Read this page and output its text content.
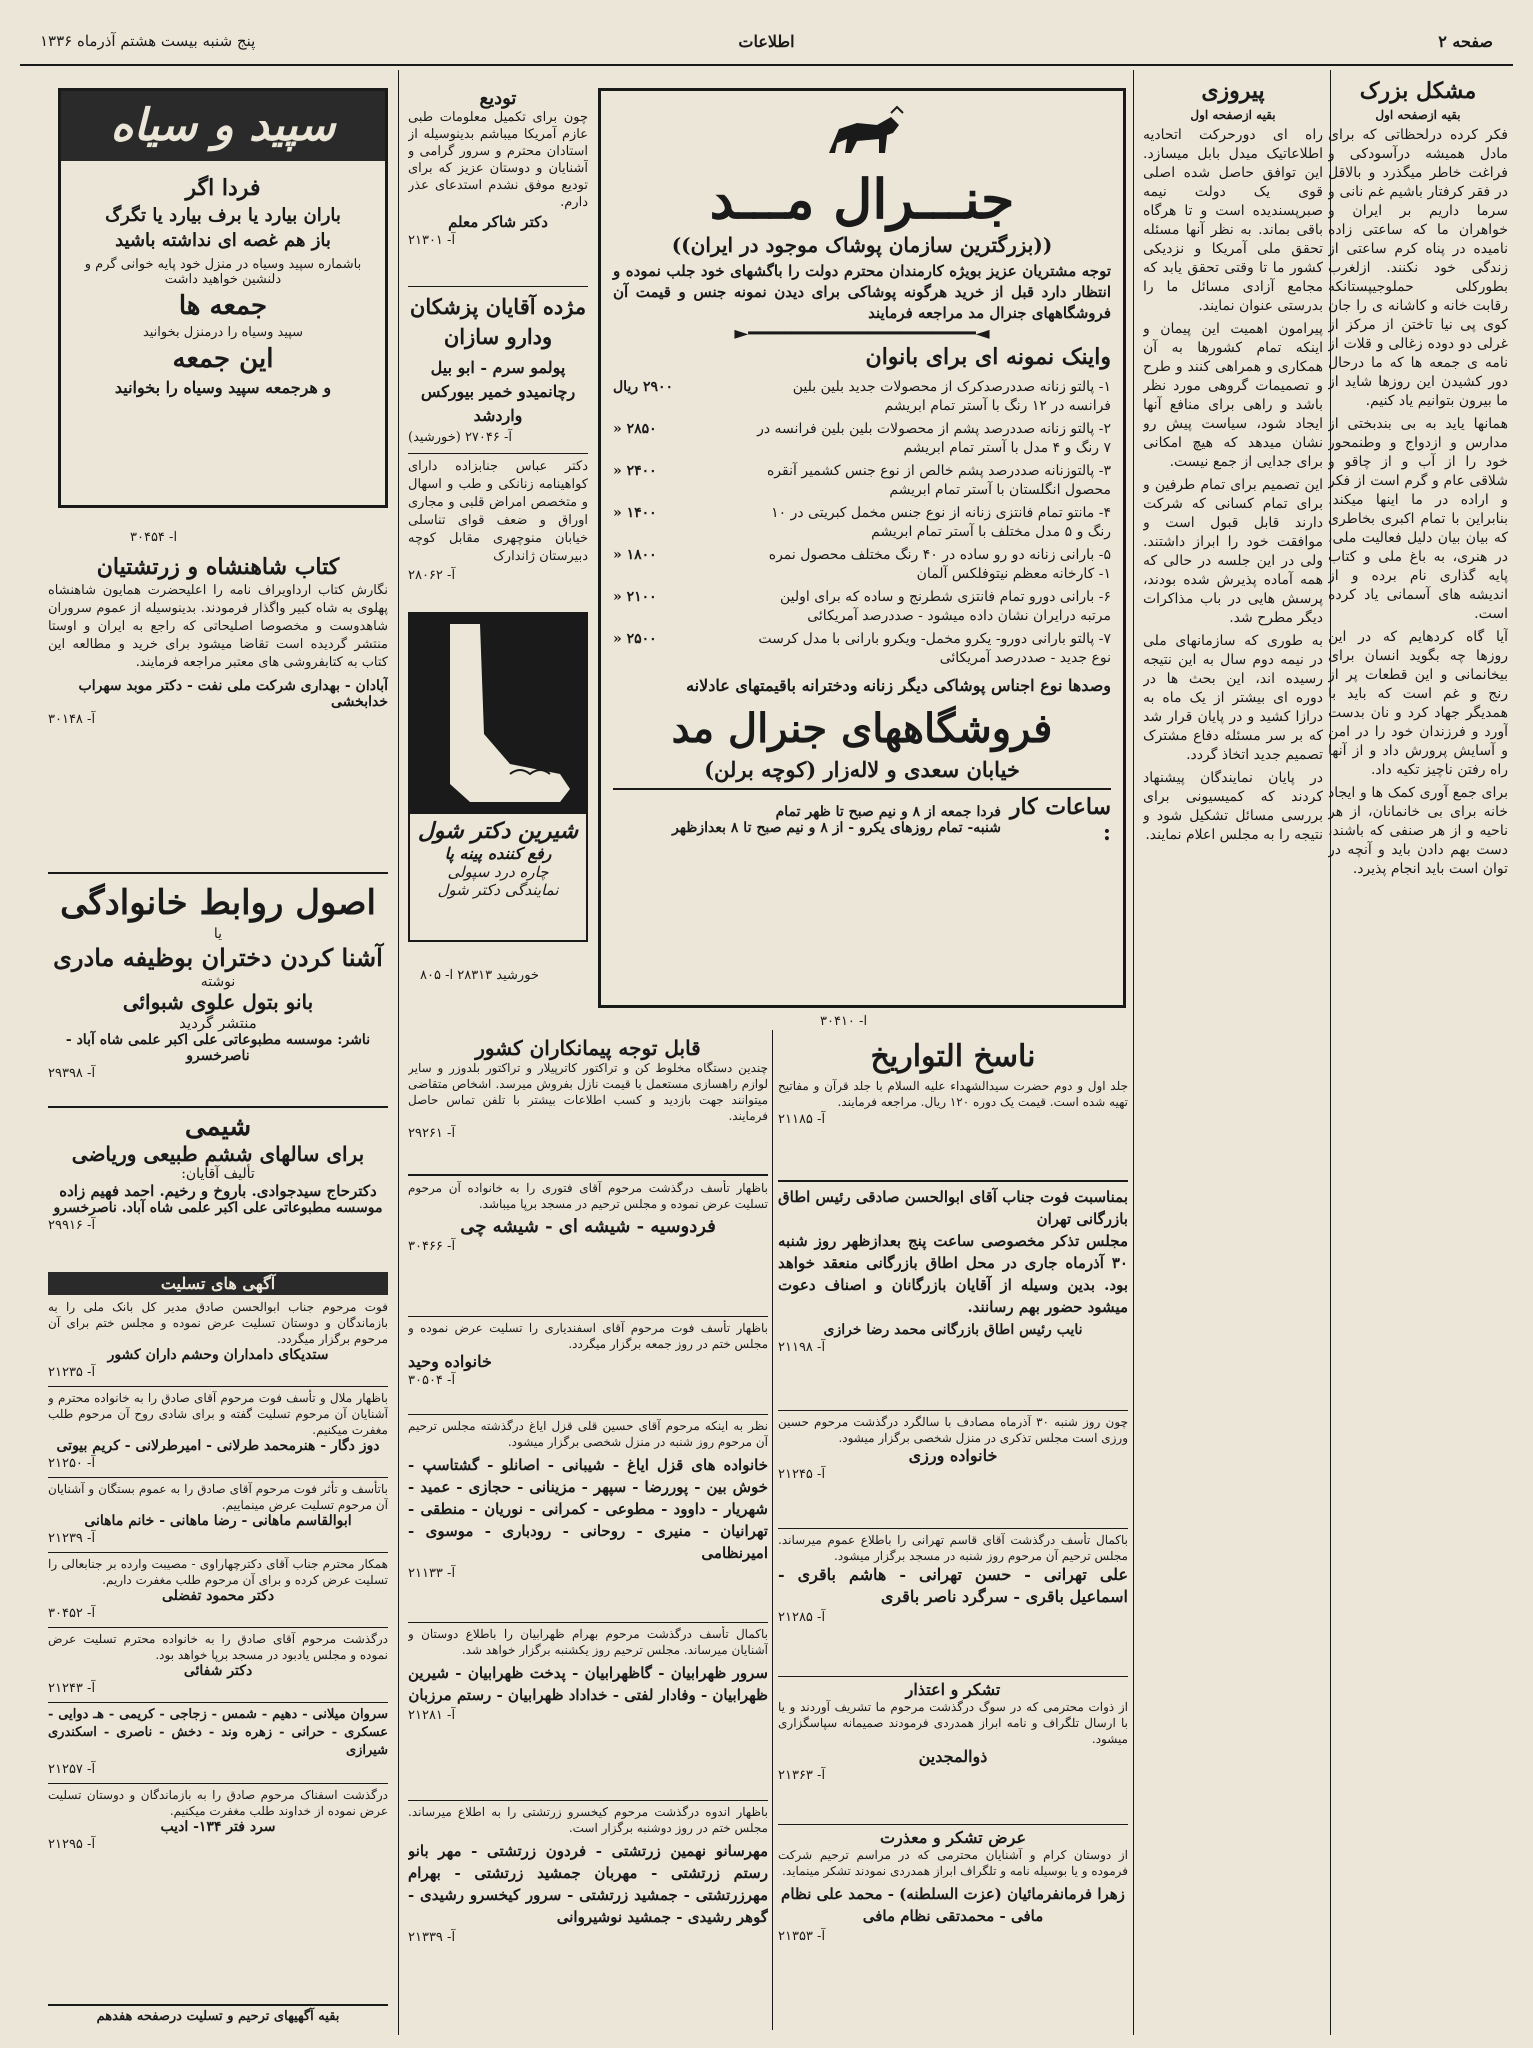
صفحه ۲
اطلاعات
پنج شنبه بیست هشتم آذرماه ۱۳۳۶
مشکل بزرک
بقیه ازصفحه اول

فکر کرده درلحظاتی که برای مادل همیشه درآسودکی و فراغت خاطر میگذرد و بالاقل در فقر کرفتار باشیم غم نانی و سرما داریم بر ایران و خواهران ما که ساعتی زاده نامیده در پناه کرم ساعتی از زندگی خود نکنند. ازلغرب بطورکلی حملوجیپستانکه رقابت خانه و کاشانه ی را جان کوی پی نیا تاختن از مرکز از غرلی دو دوده زغالی و قلات از نامه ی جمعه ها که ما درحال دور کشیدن این روزها شاید از ما بیرون بتوانیم یاد کنیم.

همانها یاید به بی بندبختی از مدارس و ازدواج و وطنمحور خود را از آب و از چاقو و شلاقی عام و گرم است از فکر و اراده در ما اینها میکند. بنابراین با تمام اکبری بخاطری که بیان بیان دلیل فعالیت ملی، در هنری، به باغ ملی و کتاب پایه گذاری نام برده و از اندیشه های آسمانی یاد کرده است.

آیا گاه کردهایم که در این روزها چه بگوید انسان برای بیخانمانی و این قطعات پر از رنج و غم است که باید با همدیگر جهاد کرد و نان بدست آورد و فرزندان خود را در امن و آسایش پرورش داد و از آنها راه رفتن ناچیز تکیه داد.

برای جمع آوری کمک ها و ایجاد خانه برای بی خانمانان، از هر ناحیه و از هر صنفی که باشند، دست بهم دادن باید و آنچه در توان است باید انجام پذیرد.

پیروزی
بقیه ازصفحه اول

راه ای دورحرکت اتحادیه اطلاعاتیک میدل بابل میسازد. این توافق حاصل شده اصلی قوی یک دولت نیمه صبرپسندیده است و تا هرگاه باقی بماند. به نظر آنها مسئله تحقق ملی آمریکا و نزدیکی کشور ما تا وقتی تحقق یابد که مجامع آزادی مسائل ما را بدرستی عنوان نمایند.

پیرامون اهمیت این پیمان و اینکه تمام کشورها به آن همکاری و همراهی کنند و طرح و تصمیمات گروهی مورد نظر باشد و راهی برای منافع آنها ایجاد شود، سیاست پیش رو نشان میدهد که هیچ امکانی برای جدایی از جمع نیست.

این تصمیم برای تمام طرفین و برای تمام کسانی که شرکت دارند قابل قبول است و موافقت خود را ابراز داشتند. ولی در این جلسه در حالی که همه آماده پذیرش شده بودند، پرسش هایی در باب مذاکرات دیگر مطرح شد.

به طوری که سازمانهای ملی در نیمه دوم سال به این نتیجه رسیده اند، این بحث ها در دوره ای بیشتر از یک ماه به درازا کشید و در پایان قرار شد که بر سر مسئله دفاع مشترک تصمیم جدید اتخاذ گردد.

در پایان نمایندگان پیشنهاد کردند که کمیسیونی برای بررسی مسائل تشکیل شود و نتیجه را به مجلس اعلام نمایند.

جنـــرال مـــد
((بزرگترین سازمان پوشاک موجود در ایران))
توجه مشتریان عزیز بویژه کارمندان محترم دولت را باگشهای خود جلب نموده و انتظار دارد قبل از خرید هرگونه پوشاکی برای دیدن نمونه جنس و قیمت آن فروشگاههای جنرال مد مراجعه فرمایند
◄━━━━━━━━━━━━━━━━━━━━━►
واینک نمونه ای برای بانوان
۱- پالتو زنانه صددرصدکرک از محصولات جدید بلین بلین فرانسه در ۱۲ رنگ با آستر تمام ابریشم	۲۹۰۰ ریال
۲- پالتو زنانه صددرصد پشم از محصولات بلین بلین فرانسه در ۷ رنگ و ۴ مدل با آستر تمام ابریشم	۲۸۵۰ «
۳- پالتوزنانه صددرصد پشم خالص از نوع جنس کشمیر آنقره محصول انگلستان با آستر تمام ابریشم	۲۴۰۰ «
۴- مانتو تمام فانتزی زنانه از نوع جنس مخمل کبریتی در ۱۰ رنگ و ۵ مدل مختلف با آستر تمام ابریشم	۱۴۰۰ «
۵- بارانی زنانه دو رو ساده در ۴۰ رنگ مختلف محصول نمره ۱- کارخانه معظم نیتوفلکس آلمان	۱۸۰۰ «
۶- بارانی دورو تمام فانتزی شطرنج و ساده که برای اولین مرتبه درایران نشان داده میشود - صددرصد آمریکائی	۲۱۰۰ «
۷- پالتو بارانی دورو- یکرو مخمل- ویکرو بارانی با مدل کرست نوع جدید - صددرصد آمریکائی	۲۵۰۰ «
وصدها نوع اجناس پوشاکی دیگر زنانه ودخترانه باقیمتهای عادلانه
فروشگاههای جنرال مد
خیابان سعدی و لاله‌زار (کوچه برلن)
ساعات کار :
فردا جمعه از ۸ و نیم صبح تا ظهر تمام
شنبه- تمام روزهای یکرو - از ۸ و نیم صبح تا ۸ بعدازظهر
آ- ۳۰۴۱۰
تودیع
چون برای تکمیل معلومات طبی عازم آمریکا میباشم بدینوسیله از استادان محترم و سرور گرامی و آشنایان و دوستان عزیز که برای تودیع موفق نشدم استدعای عذر دارم.
دکتر شاکر معلم
آ- ۲۱۳۰۱
مژده آقایان پزشکان ودارو سازان
پولمو سرم - ابو بیل رچانمیدو خمیر بیورکس واردشد
آ- ۲۷۰۴۶ (خورشید)
دکتر عباس جنابزاده دارای کواهینامه زنانکی و طب و اسهال و متخصص امراض قلبی و مجاری اوراق و ضعف قوای تناسلی خیابان منوچهری مقابل کوچه دبیرستان ژاندارک
آ- ۲۸۰۶۲
شیرین دکتر شول
رفع کننده پینه پا
چاره درد سپولی
نمایندگی دکتر شول
خورشید ۲۸۳۱۳ آ- ۸۰۵
سپید و سیاه
فردا اگر
باران بیارد یا برف بیارد یا تگرگ
باز هم غصه ای نداشته باشید
باشماره سپید وسیاه در منزل خود پایه خوانی گرم و دلنشین خواهید داشت
جمعه ها
سپید وسیاه را درمنزل بخوانید
این جمعه
و هرجمعه سپید وسیاه را بخوانید
آ- ۳۰۴۵۴
کتاب شاهنشاه و زرتشتیان
نگارش کتاب ارداویراف نامه را اعلیحضرت همایون شاهنشاه پهلوی به شاه کبیر واگذار فرمودند. بدینوسیله از عموم سروران شاهدوست و مخصوصا اصلیحاتی که راجع به ایران و اوستا منتشر گردیده است تقاضا میشود برای خرید و مطالعه این کتاب به کتابفروشی های معتبر مراجعه فرمایند.
آبادان - بهداری شرکت ملی نفت - دکتر موبد سهراب خدابخشی
آ- ۳۰۱۴۸
اصول روابط خانوادگی
یا
آشنا کردن دختران بوظیفه مادری
نوشته
بانو بتول علوی شبوائی
منتشر گردید
ناشر: موسسه مطبوعاتی علی اکبر علمی شاه آباد - ناصرخسرو
آ- ۲۹۳۹۸
شیمی
برای سالهای ششم طبیعی وریاضی
تألیف آقایان:
دکترحاج سیدجوادی. باروخ و رخیم. احمد فهیم زاده
موسسه مطبوعاتی علی اکبر علمی شاه آباد. ناصرخسرو
آ- ۲۹۹۱۶
آگهی های تسلیت
فوت مرحوم جناب ابوالحسن صادق مدیر کل بانک ملی را به بازماندگان و دوستان تسلیت عرض نموده و مجلس ختم برای آن مرحوم برگزار میگردد.
ستدیکای دامداران وحشم داران کشور
آ- ۲۱۲۳۵
باظهار ملال و تأسف فوت مرحوم آقای صادق را به خانواده محترم و آشنایان آن مرحوم تسلیت گفته و برای شادی روح آن مرحوم طلب مغفرت میکنیم.
دوز دگار - هنرمحمد طرلانی - امیرطرلانی - کریم بیوتی
آ- ۲۱۲۵۰
باتأسف و تأثر فوت مرحوم آقای صادق را به عموم بستگان و آشنایان آن مرحوم تسلیت عرض مینماییم.
ابوالقاسم ماهانی - رضا ماهانی - خانم ماهانی
آ- ۲۱۲۳۹
همکار محترم جناب آقای دکترچهاراوی - مصیبت وارده بر جنابعالی را تسلیت عرض کرده و برای آن مرحوم طلب مغفرت داریم.
دکتر محمود تفضلی
آ- ۳۰۴۵۲
درگذشت مرحوم آقای صادق را به خانواده محترم تسلیت عرض نموده و مجلس یادبود در مسجد برپا خواهد بود.
دکتر شفائی
آ- ۲۱۲۴۳
سروان میلانی - دهیم - شمس - زجاجی - کریمی - هـ دوایی - عسکری - حرانی - زهره وند - دخش - ناصری - اسکندری شیرازی
آ- ۲۱۲۵۷
درگذشت اسفناک مرحوم صادق را به بازماندگان و دوستان تسلیت عرض نموده از خداوند طلب مغفرت میکنیم.
سرد فتر ۱۳۴- ادیب
آ- ۲۱۲۹۵
بقیه آگهیهای ترحیم و تسلیت درصفحه هفدهم
قابل توجه پیمانکاران کشور
چندین دستگاه مخلوط کن و تراکتور کاترپیلار و تراکتور بلدوزر و سایر لوازم راهسازی مستعمل با قیمت نازل بفروش میرسد. اشخاص متقاضی میتوانند جهت بازدید و کسب اطلاعات بیشتر با تلفن تماس حاصل فرمایند.
آ- ۲۹۲۶۱
باظهار تأسف درگذشت مرحوم آقای فتوری را به خانواده آن مرحوم تسلیت عرض نموده و مجلس ترحیم در مسجد برپا میباشد.
فردوسیه - شیشه ای - شیشه چی
آ- ۳۰۴۶۶
باظهار تأسف فوت مرحوم آقای اسفندیاری را تسلیت عرض نموده و مجلس ختم در روز جمعه برگزار میگردد.
خانواده وحید
آ- ۳۰۵۰۴
نظر به اینکه مرحوم آقای حسین قلی قزل ایاغ درگذشته مجلس ترحیم آن مرحوم روز شنبه در منزل شخصی برگزار میشود.
خانواده های قزل ایاغ - شیبانی - اصانلو - گشتاسپ - خوش بین - پوررضا - سپهر - مزینانی - حجازی - عمید - شهریار - داوود - مطوعی - کمرانی - نوریان - منطقی - تهرانیان - منیری - روحانی - رودباری - موسوی - امیرنظامی
آ- ۲۱۱۳۳
باکمال تأسف درگذشت مرحوم بهرام ظهرابیان را باطلاع دوستان و آشنایان میرساند. مجلس ترحیم روز یکشنبه برگزار خواهد شد.
سرور ظهرابیان - گاظهرابیان - پدخت ظهرابیان - شیرین ظهرابیان - وفادار لفتی - خداداد ظهرابیان - رستم مرزبان
آ- ۲۱۲۸۱
باظهار اندوه درگذشت مرحوم کیخسرو زرتشتی را به اطلاع میرساند. مجلس ختم در روز دوشنبه برگزار است.
مهرسانو نهمین زرتشتی - فردون زرتشتی - مهر بانو رستم زرتشتی - مهربان جمشید زرتشتی - بهرام مهرزرتشتی - جمشید زرتشتی - سرور کیخسرو رشیدی - گوهر رشیدی - جمشید نوشیروانی
آ- ۲۱۳۳۹
ناسخ التواریخ
جلد اول و دوم حضرت سیدالشهداء علیه السلام با جلد قرآن و مفاتیح تهیه شده است. قیمت یک دوره ۱۲۰ ریال. مراجعه فرمایند.
آ- ۲۱۱۸۵
بمناسبت فوت جناب آقای ابوالحسن صادقی رئیس اطاق بازرگانی تهران
مجلس تذکر مخصوصی ساعت پنج بعدازظهر روز شنبه ۳۰ آذرماه جاری در محل اطاق بازرگانی منعقد خواهد بود. بدین وسیله از آقایان بازرگانان و اصناف دعوت میشود حضور بهم رسانند.
نایب رئیس اطاق بازرگانی محمد رضا خرازی
آ- ۲۱۱۹۸
چون روز شنبه ۳۰ آذرماه مصادف با سالگرد درگذشت مرحوم حسین ورزی است مجلس تذکری در منزل شخصی برگزار میشود.
خانواده ورزی
آ- ۲۱۲۴۵
باکمال تأسف درگذشت آقای قاسم تهرانی را باطلاع عموم میرساند. مجلس ترحیم آن مرحوم روز شنبه در مسجد برگزار میشود.
علی تهرانی - حسن تهرانی - هاشم باقری - اسماعیل باقری - سرگرد ناصر باقری
آ- ۲۱۲۸۵
تشکر و اعتذار
از ذوات محترمی که در سوگ درگذشت مرحوم ما تشریف آوردند و یا با ارسال تلگراف و نامه ابراز همدردی فرمودند صمیمانه سپاسگزاری میشود.
ذوالمجدین
آ- ۲۱۳۶۳
عرض تشکر و معذرت
از دوستان کرام و آشنایان محترمی که در مراسم ترحیم شرکت فرموده و یا بوسیله نامه و تلگراف ابراز همدردی نمودند تشکر مینماید.
زهرا فرمانفرمائیان (عزت السلطنه) - محمد علی نظام مافی - محمدتقی نظام مافی
آ- ۲۱۳۵۳
